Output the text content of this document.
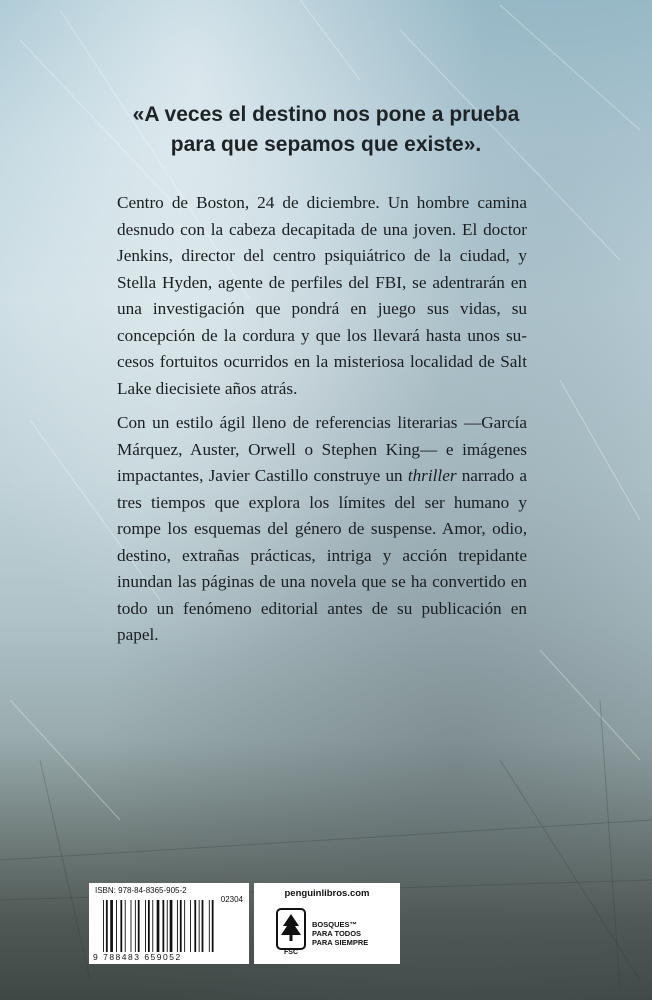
«A veces el destino nos pone a prueba
para que sepamos que existe».

Centro de Boston, 24 de diciembre. Un hombre camina desnudo con la cabeza decapitada de una joven. El doctor Jenkins, director del centro psiquiátrico de la ciudad, y Stella Hyden, agente de perfiles del FBI, se adentrarán en una investigación que pondrá en juego sus vidas, su concepción de la cordura y que los llevará hasta unos sucesos fortuitos ocurridos en la misteriosa localidad de Salt Lake diecisiete años atrás.

Con un estilo ágil lleno de referencias literarias —García Márquez, Auster, Orwell o Stephen King— e imágenes impactantes, Javier Castillo construye un thriller narrado a tres tiempos que explora los límites del ser humano y rompe los esquemas del género de suspense. Amor, odio, destino, extrañas prácticas, intriga y acción trepidante inundan las páginas de una novela que se ha convertido en todo un fenómeno editorial antes de su publicación en papel.

ISBN: 978-84-8365-905-2
02304
9 788483 659052
penguinlibros.com
FSC
BOSQUES™
PARA TODOS
PARA SIEMPRE
